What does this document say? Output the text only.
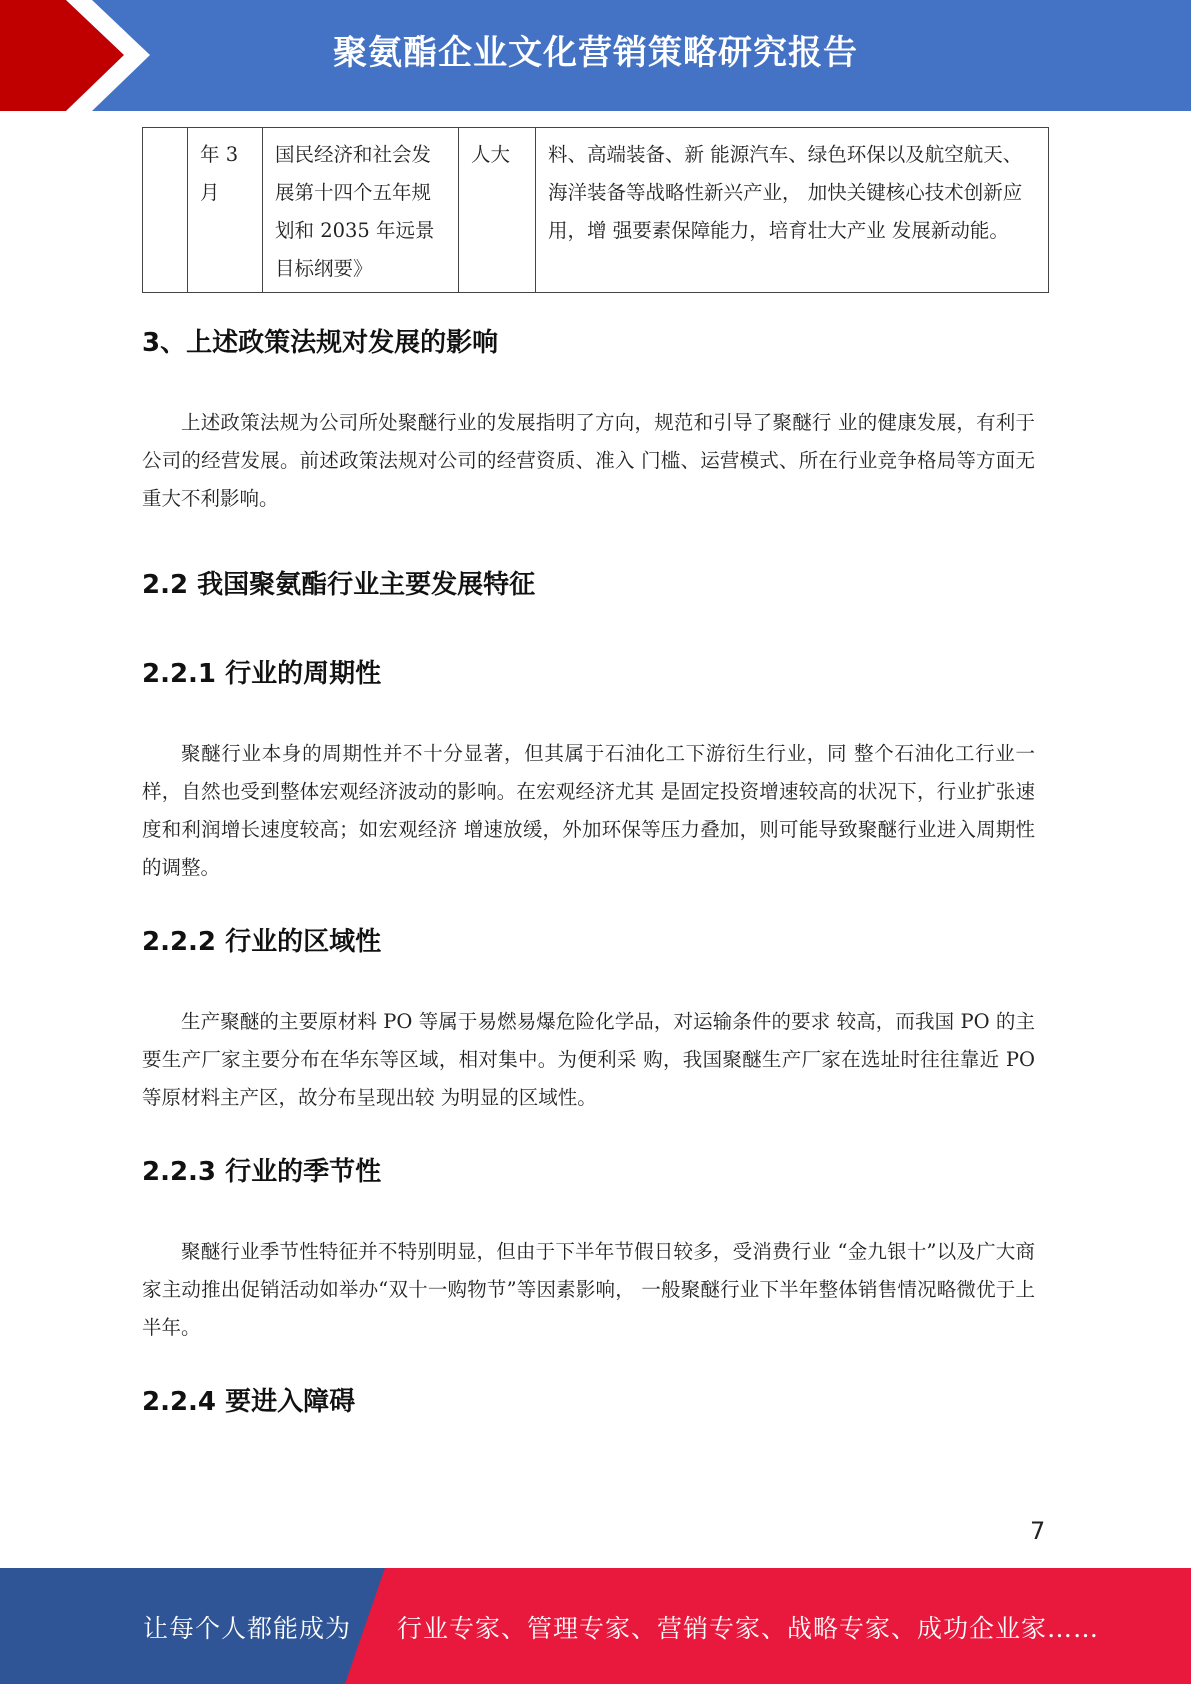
聚氨酯企业文化营销策略研究报告
	年 3 月	国民经济和社会发展第十四个五年规划和 2035 年远景目标纲要》	人大	料、高端装备、新 能源汽车、绿色环保以及航空航天、海洋装备等战略性新兴产业， 加快关键核心技术创新应用，增 强要素保障能力，培育壮大产业 发展新动能。
3、上述政策法规对发展的影响
上述政策法规为公司所处聚醚行业的发展指明了方向，规范和引导了聚醚行 业的健康发展，有利于公司的经营发展。前述政策法规对公司的经营资质、准入 门槛、运营模式、所在行业竞争格局等方面无重大不利影响。
2.2 我国聚氨酯行业主要发展特征
2.2.1 行业的周期性
聚醚行业本身的周期性并不十分显著，但其属于石油化工下游衍生行业，同 整个石油化工行业一样，自然也受到整体宏观经济波动的影响。在宏观经济尤其 是固定投资增速较高的状况下，行业扩张速度和利润增长速度较高；如宏观经济 增速放缓，外加环保等压力叠加，则可能导致聚醚行业进入周期性的调整。
2.2.2 行业的区域性
生产聚醚的主要原材料 PO 等属于易燃易爆危险化学品，对运输条件的要求 较高，而我国 PO 的主要生产厂家主要分布在华东等区域，相对集中。为便利采 购，我国聚醚生产厂家在选址时往往靠近 PO 等原材料主产区，故分布呈现出较 为明显的区域性。
2.2.3 行业的季节性
聚醚行业季节性特征并不特别明显，但由于下半年节假日较多，受消费行业 “金九银十”以及广大商家主动推出促销活动如举办“双十一购物节”等因素影响， 一般聚醚行业下半年整体销售情况略微优于上半年。
2.2.4 要进入障碍
7
让每个人都能成为 行业专家、管理专家、营销专家、战略专家、成功企业家……
